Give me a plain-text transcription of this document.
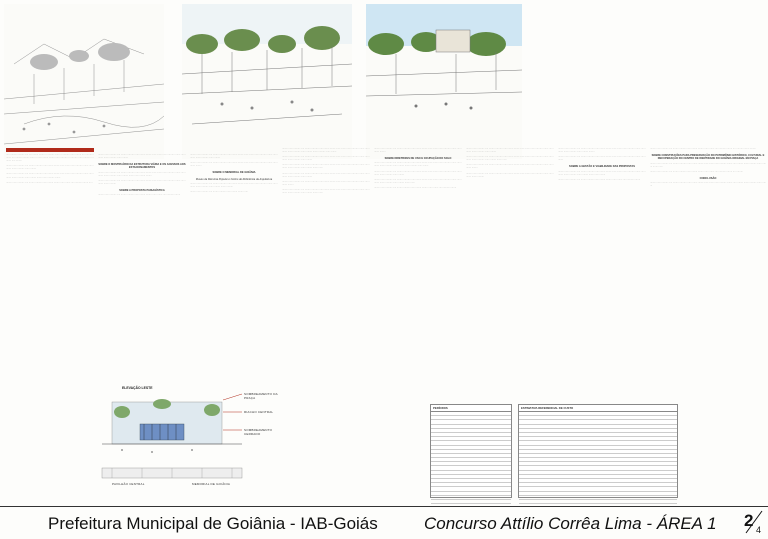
····· ········· ········· ····· ···· ········ ········ ··· ········ ······· ··· ········· ······ ········ ····· ········ ········· ··· ··········· ········ ······· ··· ····· ········ ········· ······ ········ ··· ········· ······· ········· ··· ········ ····· ········
········ ······ ········· ····· ········ ········· ······ ········ ······· ······ ········ ····· ········· ········ ····· ········ ········ ········ ······· ········
········ ······ ········· ····· ········ ········· ······ ········ ······· ······ ········ ····· ········· ········ ····· ········ ········ ········ ······· ········ ········ ······ ········ ········
········ ······ ········· ····· ········ ········· ······ ········ ······· ······ ········ ····· ········· ········ ·····
········ ······ ········· ····· ········ ········· ······ ········ ······· ······ ········ ····· ········· ········ ····· ········ ········ ········ ······· ········
SOBRE O MOSTRUÁRIO DA ESTRUTURA VIÁRIA E OS ACESSOS AOS ESTACIONAMENTOS
········ ······ ········· ····· ········ ········· ······ ········ ······· ······ ········ ····· ········· ········ ····· ········ ········ ········ ······· ········ ········ ····· ········ ········
········ ······ ········· ····· ········ ········· ······ ········ ······· ······ ········ ····· ········· ········ ····· ········ ········ ········
SOBRE A PROPOSTA PAISAGÍSTICA
········ ······ ········· ····· ········ ········· ······ ········ ······· ······ ········ ····· ········· ········
········ ······ ········· ····· ········ ········· ······ ········ ······· ······ ········ ····· ········· ········ ····· ········ ········ ········ ······· ········
········ ······ ········· ····· ········ ········· ······ ········ ······· ······ ········ ····· ········· ········ ····· ········ ········
SOBRE O MEMORIAL DE GOIÂNIA
Museu da Memória Popular e Centro de Referência da Arquitetura
········ ······ ········· ····· ········ ········· ······ ········ ······· ······ ········ ····· ········· ········ ····· ········ ········ ········ ······· ········ ········ ········
········ ······ ········· ····· ········ ········· ······ ········ ······· ······
········ ······ ········· ····· ········ ········· ······ ········ ······· ······ ········ ····· ········· ········ ····· ········ ········ ········ ······· ········ ········ ········ ······ ········
········ ······ ········· ····· ········ ········· ······ ········ ······· ······ ········ ····· ········· ········ ····· ········ ········ ········ ······· ········
········ ······ ········· ····· ········ ········· ······ ········ ······· ······ ········ ····· ········· ········ ····· ········ ········ ········ ······· ········ ········ ·····
········ ······ ········· ····· ········ ········· ······ ········ ······· ······ ········ ····· ········· ········ ····· ········ ········ ········ ······· ········
········ ······ ········· ····· ········ ········· ······ ········ ······· ······ ········ ····· ········· ········ ····· ········ ········
········ ······ ········· ····· ········ ········· ······ ········ ······· ······ ········ ····· ········· ········ ····· ········ ········ ········ ······· ········ ········ ·····
········ ······ ········· ····· ········ ········· ······ ········ ······· ······ ········ ····· ········· ········ ····· ········ ········
SOBRE DIRETRIZES DE USO E OCUPAÇÃO DO SOLO
········ ······ ········· ····· ········ ········· ······ ········ ······· ······ ········ ····· ········· ········ ····· ········ ········ ········ ······· ········ ········ ········ ······ ········
········ ······ ········· ····· ········ ········· ······ ········ ······· ······ ········ ····· ········· ········ ····· ········ ········ ········ ······· ········
········ ······ ········· ····· ········ ········· ······ ········ ······· ······ ········ ····· ········· ········ ····· ········ ········ ········ ······· ········ ········ ·····
········ ······ ········· ····· ········ ········· ······ ········ ······· ······ ········ ····· ········· ········
········ ······ ········· ····· ········ ········· ······ ········ ······· ······ ········ ····· ········· ········ ····· ········ ········ ········ ······· ········
········ ······ ········· ····· ········ ········· ······ ········ ······· ······ ········ ····· ········· ········ ····· ········ ········ ········ ······· ········ ········ ·····
········ ······ ········· ····· ········ ········· ······ ········ ······· ······ ········ ····· ········· ········ ····· ········ ········
········ ······ ········· ····· ········ ········· ······ ········ ······· ······ ········ ····· ········· ········ ····· ········ ········ ········
········ ······ ········· ····· ········ ········· ······ ········ ······· ······ ········ ····· ········· ········ ····· ········ ········ ········ ······· ········ ········
········ ······ ········· ····· ········ ········· ······ ········ ······· ······ ········ ····· ········· ········ ····· ········
SOBRE A GESTÃO E VIABILIDADE DAS PROPOSTAS
········ ······ ········· ····· ········ ········· ······ ········ ······· ······ ········ ····· ········· ········ ····· ········ ········ ········ ······· ········ ········ ····· ········
········ ······ ········· ····· ········ ········· ······ ········ ······· ······ ········ ····· ········· ········
········ ······ ········· ····· ········ ········· ······ ········ ······· ······ ········ ····· ········· ········ ····· ········ ········ ········
SOBRE CONSTRUÇÕES PARA PRESERVAÇÃO DO PATRIMÔNIO HISTÓRICO, CULTURAL E RECUPERAÇÃO DO CENTRO DE IDENTIDADE DO GOIÂNIA ORIGINAL EM PIAÇA
········ ······ ········· ····· ········ ········· ······ ········ ······· ······ ········ ····· ········· ········ ····· ········ ········ ········ ······· ········ ········ ·····
········ ······ ········· ····· ········ ········· ······ ········ ······· ······ ········ ····· ········· ········ ····· ········
CONCLUSÃO
········ ······ ········· ····· ········ ········· ······ ········ ······· ······ ········ ····· ········· ········ ····· ········ ········ ········ ······· ········
ELEVAÇÃO LESTE
SOMBREAMENTO DA PRAÇA
RIACHO CENTRAL
SOMBREAMENTO CERRADO
PAVILHÃO CENTRAL	MEMORIAL DE GOIÂNIA
PERÍODOS	ESTIMATIVA REFERENCIAL DE CUSTO
Prefeitura Municipal de Goiânia - IAB-Goiás	Concurso Attílio Corrêa Lima - ÁREA 1 2 4
